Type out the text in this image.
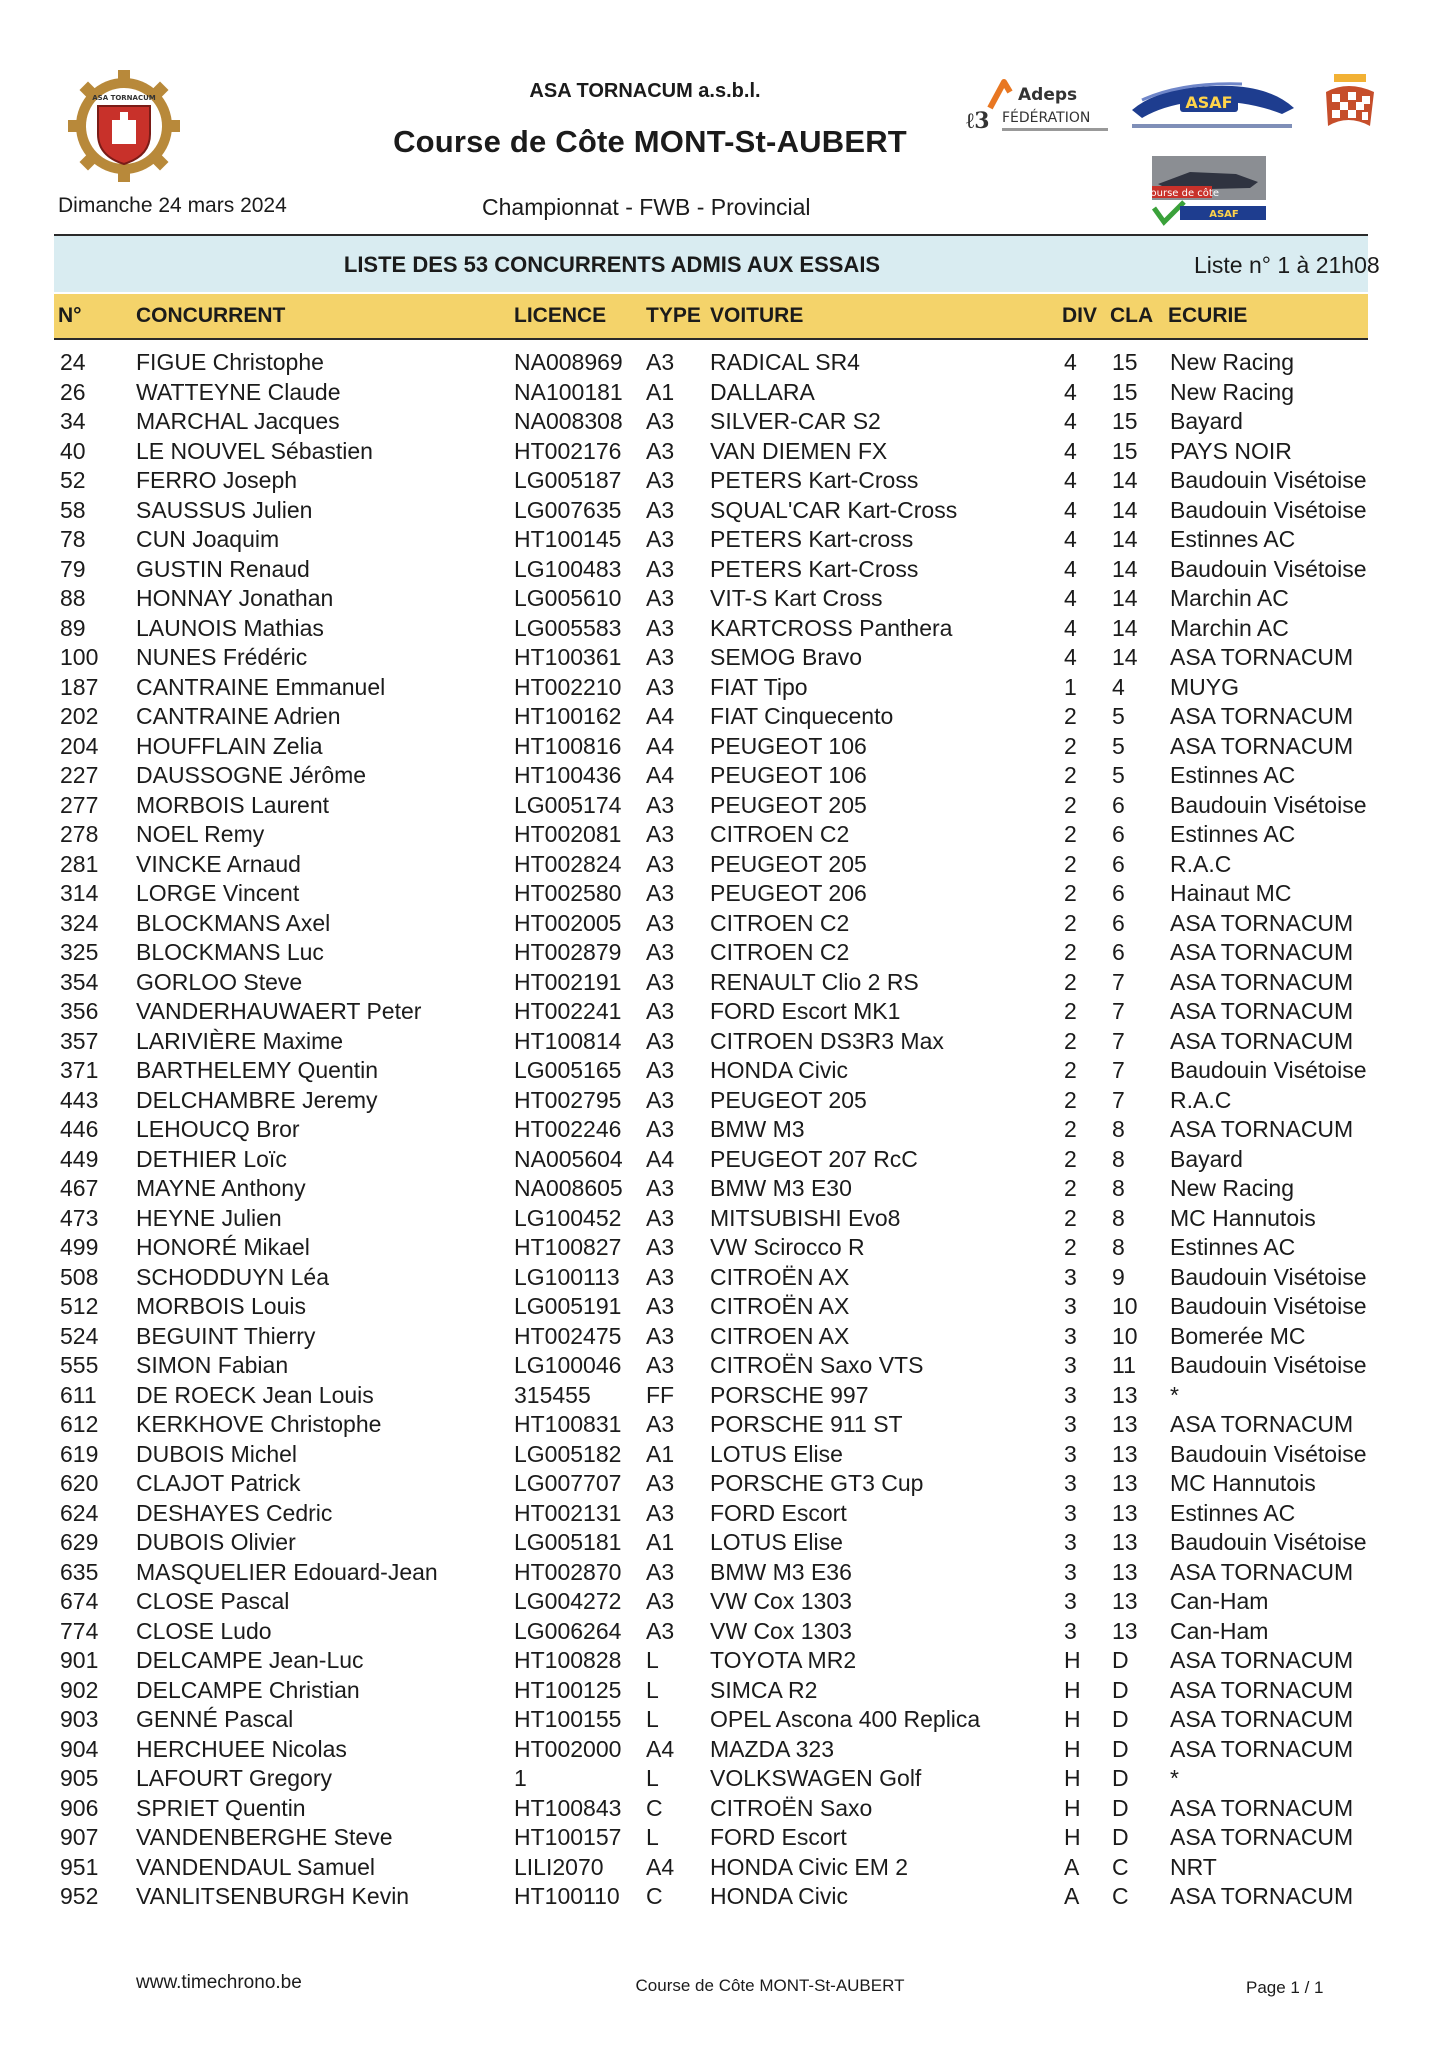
ASA TORNACUM	Adeps
ℓ3 FÉDÉRATION
ASAF
course de côte
ASAF
ASA TORNACUM a.s.b.l.
Course de Côte MONT-St-AUBERT
Dimanche 24 mars 2024	Championnat - FWB - Provincial
LISTE DES 53 CONCURRENTS ADMIS AUX ESSAIS	Liste n° 1 à 21h08
N°	CONCURRENT	LICENCE TYPE VOITURE	DIV CLA ECURIE
24 FIGUE Christophe	NA008969 A3 RADICAL SR4	4 15 New Racing
26 WATTEYNE Claude	NA100181 A1 DALLARA	4 15 New Racing
34 MARCHAL Jacques	NA008308 A3 SILVER-CAR S2	4 15 Bayard
40 LE NOUVEL Sébastien	HT002176 A3 VAN DIEMEN FX	4 15 PAYS NOIR
52 FERRO Joseph	LG005187 A3 PETERS Kart-Cross	4 14 Baudouin Visétoise
58 SAUSSUS Julien	LG007635 A3 SQUAL'CAR Kart-Cross	4 14 Baudouin Visétoise
78 CUN Joaquim	HT100145 A3 PETERS Kart-cross	4 14 Estinnes AC
79 GUSTIN Renaud	LG100483 A3 PETERS Kart-Cross	4 14 Baudouin Visétoise
88 HONNAY Jonathan	LG005610 A3 VIT-S Kart Cross	4 14 Marchin AC
89 LAUNOIS Mathias	LG005583 A3 KARTCROSS Panthera	4 14 Marchin AC
100 NUNES Frédéric	HT100361 A3 SEMOG Bravo	4 14 ASA TORNACUM
187 CANTRAINE Emmanuel	HT002210 A3 FIAT Tipo	1 4 MUYG
202 CANTRAINE Adrien	HT100162 A4 FIAT Cinquecento	2 5 ASA TORNACUM
204 HOUFFLAIN Zelia	HT100816 A4 PEUGEOT 106	2 5 ASA TORNACUM
227 DAUSSOGNE Jérôme	HT100436 A4 PEUGEOT 106	2 5 Estinnes AC
277 MORBOIS Laurent	LG005174 A3 PEUGEOT 205	2 6 Baudouin Visétoise
278 NOEL Remy	HT002081 A3 CITROEN C2	2 6 Estinnes AC
281 VINCKE Arnaud	HT002824 A3 PEUGEOT 205	2 6 R.A.C
314 LORGE Vincent	HT002580 A3 PEUGEOT 206	2 6 Hainaut MC
324 BLOCKMANS Axel	HT002005 A3 CITROEN C2	2 6 ASA TORNACUM
325 BLOCKMANS Luc	HT002879 A3 CITROEN C2	2 6 ASA TORNACUM
354 GORLOO Steve	HT002191 A3 RENAULT Clio 2 RS	2 7 ASA TORNACUM
356 VANDERHAUWAERT Peter	HT002241 A3 FORD Escort MK1	2 7 ASA TORNACUM
357 LARIVIÈRE Maxime	HT100814 A3 CITROEN DS3R3 Max	2 7 ASA TORNACUM
371 BARTHELEMY Quentin	LG005165 A3 HONDA Civic	2 7 Baudouin Visétoise
443 DELCHAMBRE Jeremy	HT002795 A3 PEUGEOT 205	2 7 R.A.C
446 LEHOUCQ Bror	HT002246 A3 BMW M3	2 8 ASA TORNACUM
449 DETHIER Loïc	NA005604 A4 PEUGEOT 207 RcC	2 8 Bayard
467 MAYNE Anthony	NA008605 A3 BMW M3 E30	2 8 New Racing
473 HEYNE Julien	LG100452 A3 MITSUBISHI Evo8	2 8 MC Hannutois
499 HONORÉ Mikael	HT100827 A3 VW Scirocco R	2 8 Estinnes AC
508 SCHODDUYN Léa	LG100113 A3 CITROËN AX	3 9 Baudouin Visétoise
512 MORBOIS Louis	LG005191 A3 CITROËN AX	3 10 Baudouin Visétoise
524 BEGUINT Thierry	HT002475 A3 CITROEN AX	3 10 Bomerée MC
555 SIMON Fabian	LG100046 A3 CITROËN Saxo VTS	3 11 Baudouin Visétoise
611 DE ROECK Jean Louis	315455 FF PORSCHE 997	3 13 *
612 KERKHOVE Christophe	HT100831 A3 PORSCHE 911 ST	3 13 ASA TORNACUM
619 DUBOIS Michel	LG005182 A1 LOTUS Elise	3 13 Baudouin Visétoise
620 CLAJOT Patrick	LG007707 A3 PORSCHE GT3 Cup	3 13 MC Hannutois
624 DESHAYES Cedric	HT002131 A3 FORD Escort	3 13 Estinnes AC
629 DUBOIS Olivier	LG005181 A1 LOTUS Elise	3 13 Baudouin Visétoise
635 MASQUELIER Edouard-Jean	HT002870 A3 BMW M3 E36	3 13 ASA TORNACUM
674 CLOSE Pascal	LG004272 A3 VW Cox 1303	3 13 Can-Ham
774 CLOSE Ludo	LG006264 A3 VW Cox 1303	3 13 Can-Ham
901 DELCAMPE Jean-Luc	HT100828 L TOYOTA MR2	H D ASA TORNACUM
902 DELCAMPE Christian	HT100125 L SIMCA R2	H D ASA TORNACUM
903 GENNÉ Pascal	HT100155 L OPEL Ascona 400 Replica	H D ASA TORNACUM
904 HERCHUEE Nicolas	HT002000 A4 MAZDA 323	H D ASA TORNACUM
905 LAFOURT Gregory	1	L VOLKSWAGEN Golf	H D *
906 SPRIET Quentin	HT100843 C CITROËN Saxo	H D ASA TORNACUM
907 VANDENBERGHE Steve	HT100157 L FORD Escort	H D ASA TORNACUM
951 VANDENDAUL Samuel	LILI2070 A4 HONDA Civic EM 2	A C NRT
952 VANLITSENBURGH Kevin	HT100110 C HONDA Civic	A C ASA TORNACUM
www.timechrono.be	Course de Côte MONT-St-AUBERT	Page 1 / 1
